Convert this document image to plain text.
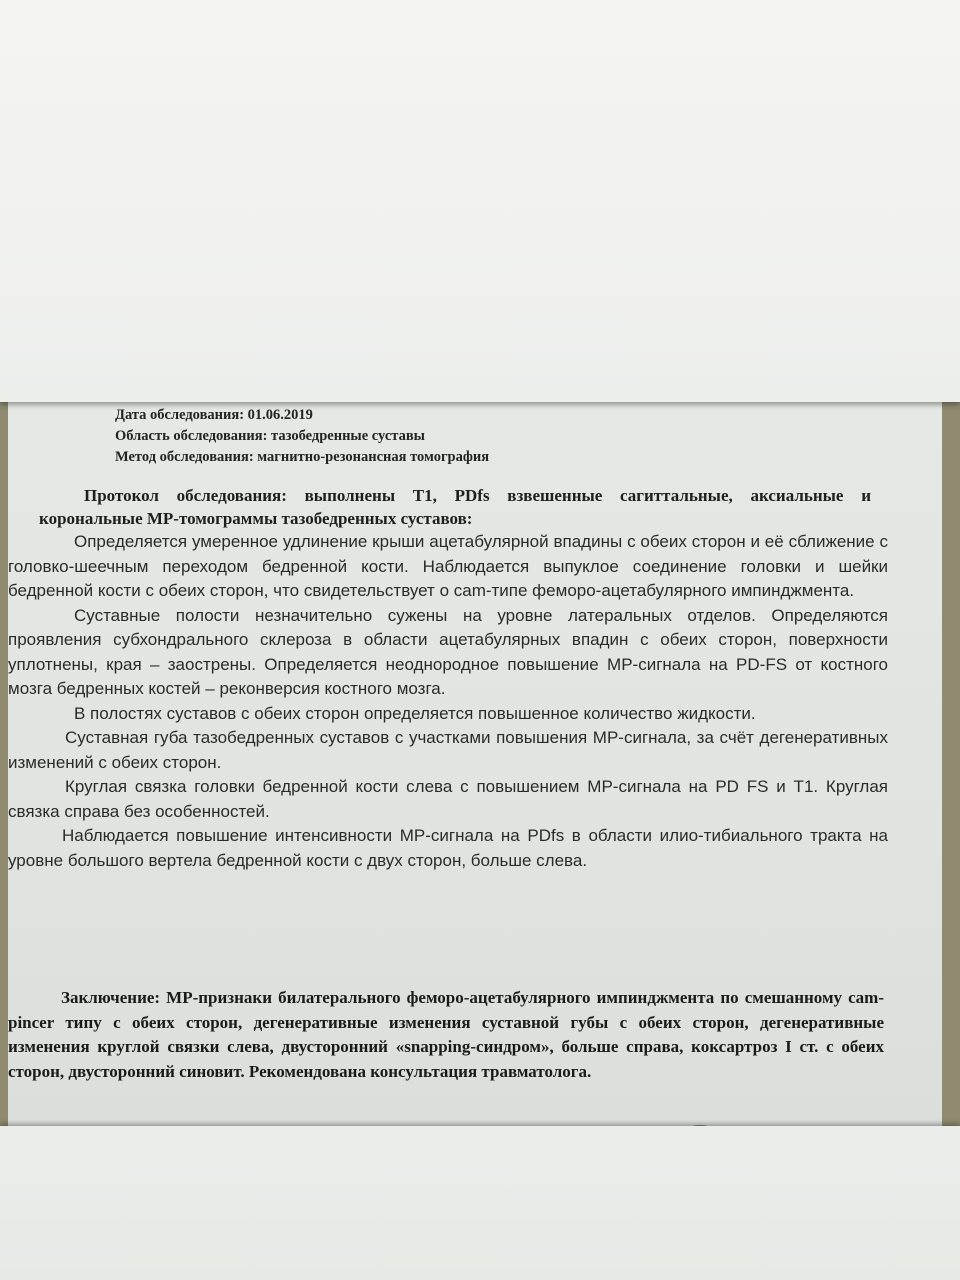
Дата обследования: 01.06.2019
Область обследования: тазобедренные суставы
Метод обследования: магнитно-резонансная томография
Протокол обследования: выполнены T1, PDfs взвешенные сагиттальные, аксиальные и корональные МР-томограммы тазобедренных суставов:

Определяется умеренное удлинение крыши ацетабулярной впадины с обеих сторон и её сближение с головко-шеечным переходом бедренной кости. Наблюдается выпуклое соединение головки и шейки бедренной кости с обеих сторон, что свидетельствует о cam-типе феморо-ацетабулярного импинджмента.

Суставные полости незначительно сужены на уровне латеральных отделов. Определяются проявления субхондрального склероза в области ацетабулярных впадин с обеих сторон, поверхности уплотнены, края – заострены. Определяется неоднородное повышение МР-сигнала на PD-FS от костного мозга бедренных костей – реконверсия костного мозга.

В полостях суставов с обеих сторон определяется повышенное количество жидкости.

Суставная губа тазобедренных суставов с участками повышения МР-сигнала, за счёт дегенеративных изменений с обеих сторон.

Круглая связка головки бедренной кости слева с повышением МР-сигнала на PD FS и T1. Круглая связка справа без особенностей.

Наблюдается повышение интенсивности МР-сигнала на PDfs в области илио-тибиального тракта на уровне большого вертела бедренной кости с двух сторон, больше слева.

Заключение: МР-признаки билатерального феморо-ацетабулярного импинджмента по смешанному cam-pincer типу с обеих сторон, дегенеративные изменения суставной губы с обеих сторон, дегенеративные изменения круглой связки слева, двусторонний «snapping-синдром», больше справа, коксартроз I ст. с обеих сторон, двусторонний синовит. Рекомендована консультация травматолога.
